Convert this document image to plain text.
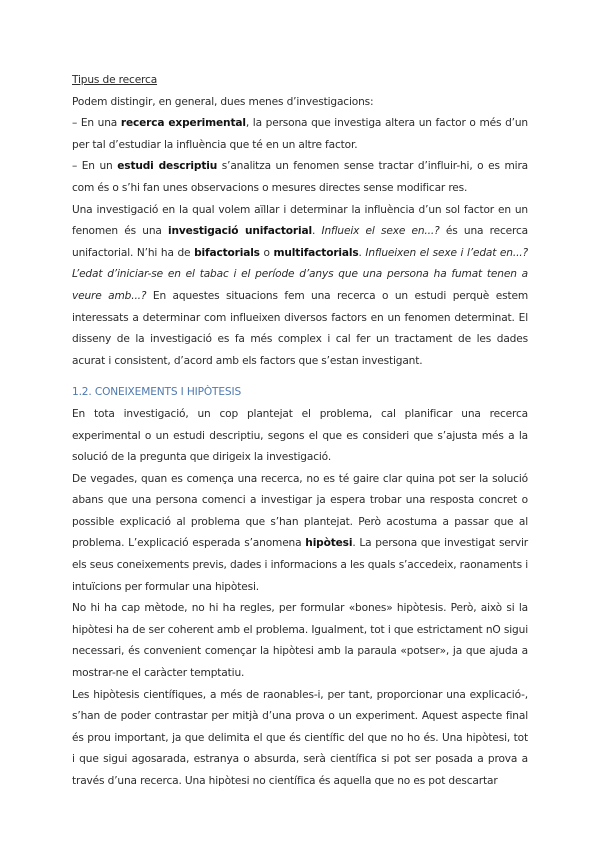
Tipus de recerca

Podem distingir, en general, dues menes d’investigacions:

– En una recerca experimental, la persona que investiga altera un factor o més d’un per tal d’estudiar la influència que té en un altre factor.

– En un estudi descriptiu s’analitza un fenomen sense tractar d’influir-hi, o es mira com és o s’hi fan unes observacions o mesures directes sense modificar res.

Una investigació en la qual volem aïllar i determinar la influència d’un sol factor en un fenomen és una investigació unifactorial. Influeix el sexe en...? és una recerca unifactorial. N’hi ha de bifactorials o multifactorials. Influeixen el sexe i l’edat en...? L’edat d’iniciar-se en el tabac i el període d’anys que una persona ha fumat tenen a veure amb...? En aquestes situacions fem una recerca o un estudi perquè estem interessats a determinar com influeixen diversos factors en un fenomen determinat. El disseny de la investigació es fa més complex i cal fer un tractament de les dades acurat i consistent, d’acord amb els factors que s’estan investigant.

1.2. CONEIXEMENTS I HIPÒTESIS

En tota investigació, un cop plantejat el problema, cal planificar una recerca experimental o un estudi descriptiu, segons el que es consideri que s’ajusta més a la solució de la pregunta que dirigeix la investigació.

De vegades, quan es comença una recerca, no es té gaire clar quina pot ser la solució abans que una persona comenci a investigar ja espera trobar una resposta concret o possible explicació al problema que s’han plantejat. Però acostuma a passar que al problema. L’explicació esperada s’anomena hipòtesi. La persona que investigat servir els seus coneixements previs, dades i informacions a les quals s’accedeix, raonaments i intuïcions per formular una hipòtesi.

No hi ha cap mètode, no hi ha regles, per formular «bones» hipòtesis. Però, això si la hipòtesi ha de ser coherent amb el problema. Igualment, tot i que estrictament nO sigui necessari, és convenient començar la hipòtesi amb la paraula «potser», ja que ajuda a mostrar-ne el caràcter temptatiu.

Les hipòtesis científiques, a més de raonables-i, per tant, proporcionar una explicació-, s’han de poder contrastar per mitjà d’una prova o un experiment. Aquest aspecte final és prou important, ja que delimita el que és científic del que no ho és. Una hipòtesi, tot i que sigui agosarada, estranya o absurda, serà científica si pot ser posada a prova a través d’una recerca. Una hipòtesi no científica és aquella que no es pot descartar
